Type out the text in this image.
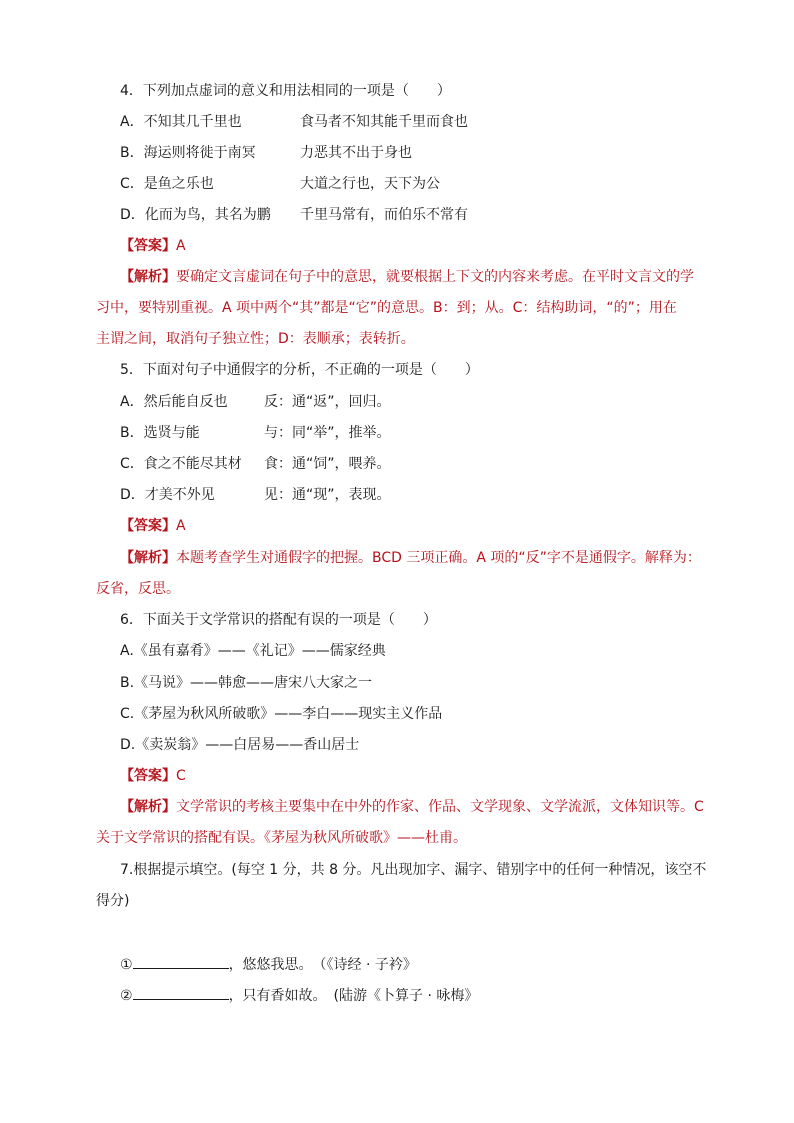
4．下列加点虚词的意义和用法相同的一项是（　　）
A．不知其几千里也	食马者不知其能千里而食也
B．海运则将徙于南冥	力恶其不出于身也
C．是鱼之乐也	大道之行也，天下为公
D．化而为鸟，其名为鹏 千里马常有，而伯乐不常有
【答案】A
【解析】要确定文言虚词在句子中的意思，就要根据上下文的内容来考虑。在平时文言文的学
习中，要特别重视。A 项中两个“其”都是“它”的意思。B：到；从。C：结构助词，“的”；用在
主谓之间，取消句子独立性；D：表顺承；表转折。
5．下面对句子中通假字的分析，不正确的一项是（　　）
A．然后能自反也	反：通“返”，回归。
B．选贤与能	与：同“举”，推举。
C．食之不能尽其材 食：通“饲”，喂养。
D．才美不外见	见：通“现”，表现。
【答案】A
【解析】本题考查学生对通假字的把握。BCD 三项正确。A 项的“反”字不是通假字。解释为：
反省，反思。
6．下面关于文学常识的搭配有误的一项是（　　）
A.《虽有嘉肴》——《礼记》——儒家经典
B.《马说》——韩愈——唐宋八大家之一
C.《茅屋为秋风所破歌》——李白——现实主义作品
D.《卖炭翁》——白居易——香山居士
【答案】C
【解析】文学常识的考核主要集中在中外的作家、作品、文学现象、文学流派，文体知识等。C
关于文学常识的搭配有误。《茅屋为秋风所破歌》——杜甫。
7.根据提示填空。(每空 1 分，共 8 分。凡出现加字、漏字、错别字中的任何一种情况，该空不
得分)
①	，悠悠我思。　（《诗经 · 子衿》
②	，只有香如故。　(陆游《卜算子 · 咏梅》
